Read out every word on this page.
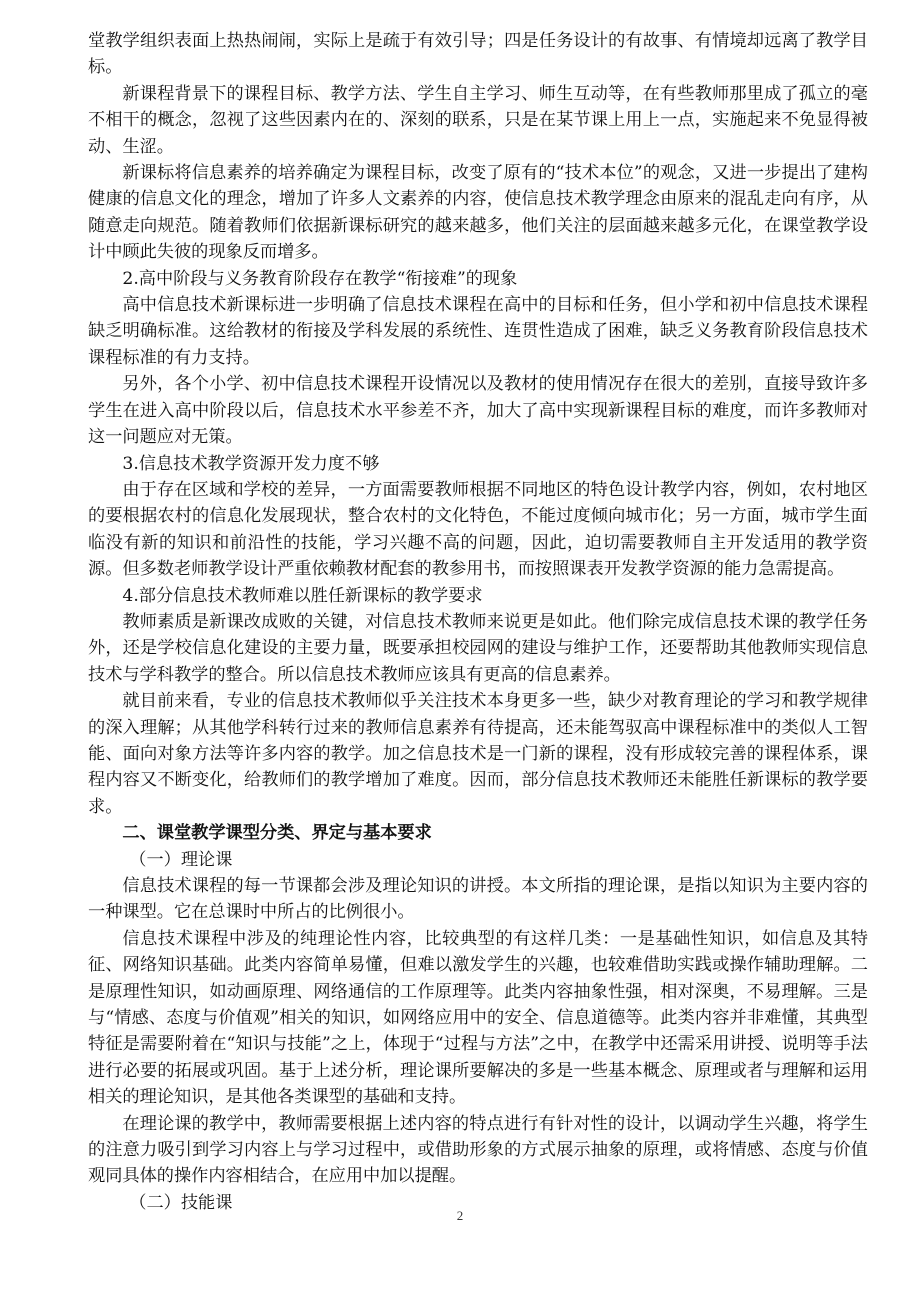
堂教学组织表面上热热闹闹，实际上是疏于有效引导；四是任务设计的有故事、有情境却远离了教学目标。

新课程背景下的课程目标、教学方法、学生自主学习、师生互动等，在有些教师那里成了孤立的毫不相干的概念，忽视了这些因素内在的、深刻的联系，只是在某节课上用上一点，实施起来不免显得被动、生涩。

新课标将信息素养的培养确定为课程目标，改变了原有的“技术本位”的观念，又进一步提出了建构健康的信息文化的理念，增加了许多人文素养的内容，使信息技术教学理念由原来的混乱走向有序，从随意走向规范。随着教师们依据新课标研究的越来越多，他们关注的层面越来越多元化，在课堂教学设计中顾此失彼的现象反而增多。

2.高中阶段与义务教育阶段存在教学“衔接难”的现象

高中信息技术新课标进一步明确了信息技术课程在高中的目标和任务，但小学和初中信息技术课程缺乏明确标准。这给教材的衔接及学科发展的系统性、连贯性造成了困难，缺乏义务教育阶段信息技术课程标准的有力支持。

另外，各个小学、初中信息技术课程开设情况以及教材的使用情况存在很大的差别，直接导致许多学生在进入高中阶段以后，信息技术水平参差不齐，加大了高中实现新课程目标的难度，而许多教师对这一问题应对无策。

3.信息技术教学资源开发力度不够

由于存在区域和学校的差异，一方面需要教师根据不同地区的特色设计教学内容，例如，农村地区的要根据农村的信息化发展现状，整合农村的文化特色，不能过度倾向城市化；另一方面，城市学生面临没有新的知识和前沿性的技能，学习兴趣不高的问题，因此，迫切需要教师自主开发适用的教学资源。但多数老师教学设计严重依赖教材配套的教参用书，而按照课表开发教学资源的能力急需提高。

4.部分信息技术教师难以胜任新课标的教学要求

教师素质是新课改成败的关键，对信息技术教师来说更是如此。他们除完成信息技术课的教学任务外，还是学校信息化建设的主要力量，既要承担校园网的建设与维护工作，还要帮助其他教师实现信息技术与学科教学的整合。所以信息技术教师应该具有更高的信息素养。

就目前来看，专业的信息技术教师似乎关注技术本身更多一些，缺少对教育理论的学习和教学规律的深入理解；从其他学科转行过来的教师信息素养有待提高，还未能驾驭高中课程标准中的类似人工智能、面向对象方法等许多内容的教学。加之信息技术是一门新的课程，没有形成较完善的课程体系，课程内容又不断变化，给教师们的教学增加了难度。因而，部分信息技术教师还未能胜任新课标的教学要求。

二、课堂教学课型分类、界定与基本要求

（一）理论课

信息技术课程的每一节课都会涉及理论知识的讲授。本文所指的理论课，是指以知识为主要内容的一种课型。它在总课时中所占的比例很小。

信息技术课程中涉及的纯理论性内容，比较典型的有这样几类：一是基础性知识，如信息及其特征、网络知识基础。此类内容简单易懂，但难以激发学生的兴趣，也较难借助实践或操作辅助理解。二是原理性知识，如动画原理、网络通信的工作原理等。此类内容抽象性强，相对深奥，不易理解。三是与“情感、态度与价值观”相关的知识，如网络应用中的安全、信息道德等。此类内容并非难懂，其典型特征是需要附着在“知识与技能”之上，体现于“过程与方法”之中，在教学中还需采用讲授、说明等手法进行必要的拓展或巩固。基于上述分析，理论课所要解决的多是一些基本概念、原理或者与理解和运用相关的理论知识，是其他各类课型的基础和支持。

在理论课的教学中，教师需要根据上述内容的特点进行有针对性的设计，以调动学生兴趣，将学生的注意力吸引到学习内容上与学习过程中，或借助形象的方式展示抽象的原理，或将情感、态度与价值观同具体的操作内容相结合，在应用中加以提醒。

（二）技能课

2
